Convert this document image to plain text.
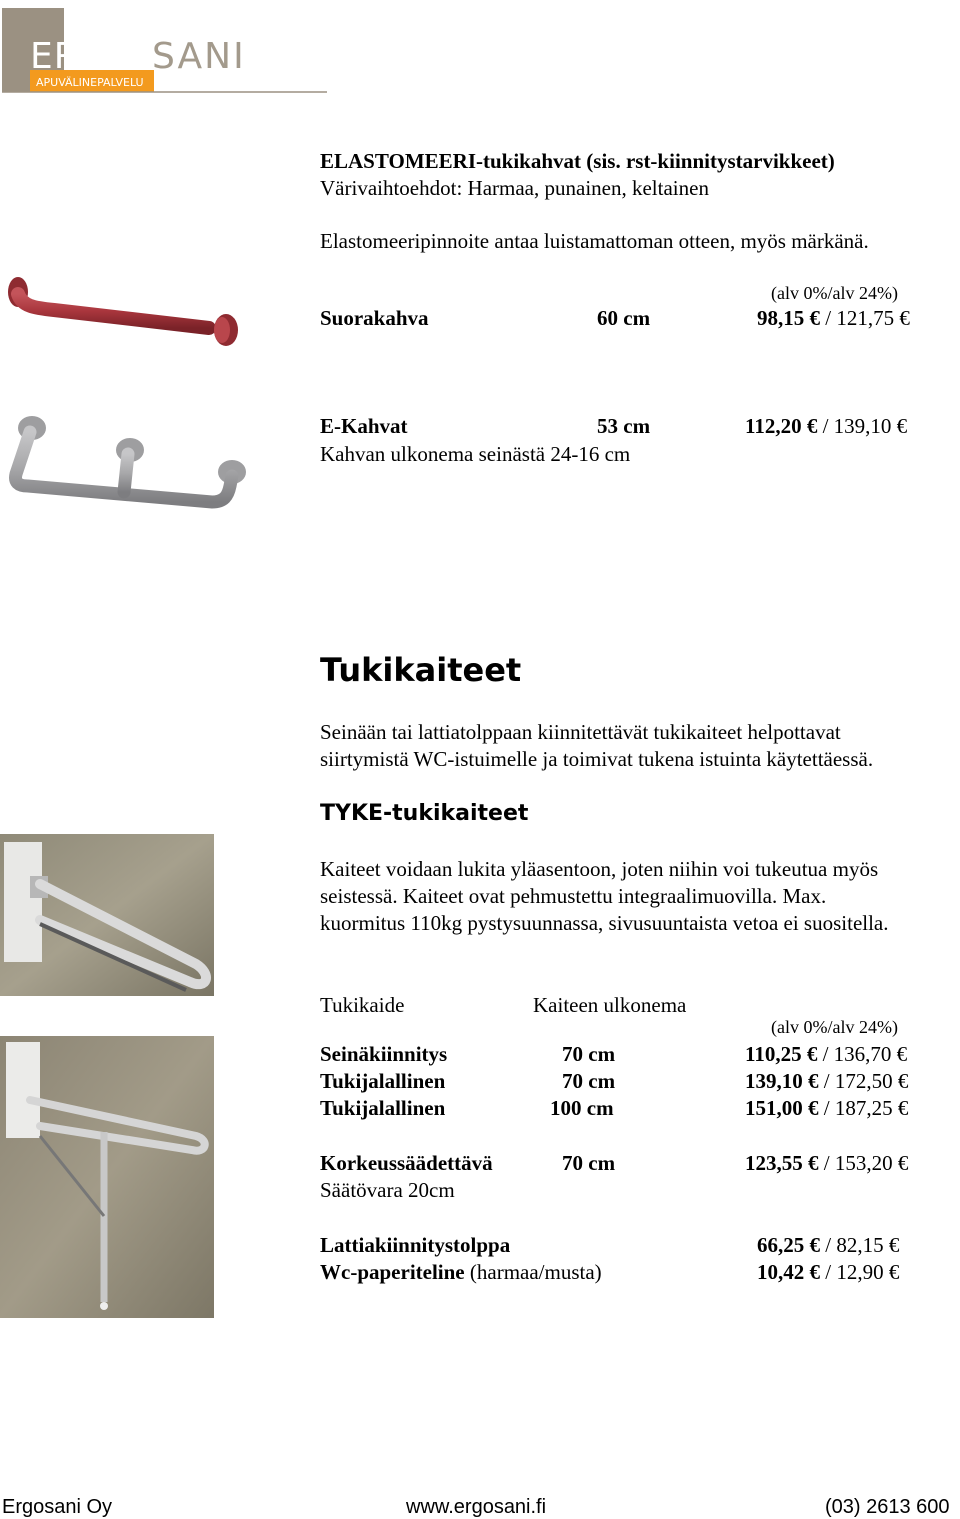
ERGO SANI
APUVÄLINEPALVELU
ELASTOMEERI-tukikahvat (sis. rst-kiinnitystarvikkeet)
Värivaihtoehdot: Harmaa, punainen, keltainen
Elastomeeripinnoite antaa luistamattoman otteen, myös märkänä.
(alv 0%/alv 24%)
Suorakahva	60 cm	98,15 € / 121,75 €
E-Kahvat	53 cm	112,20 € / 139,10 €
Kahvan ulkonema seinästä 24-16 cm
Tukikaiteet
Seinään tai lattiatolppaan kiinnitettävät tukikaiteet helpottavat
siirtymistä WC-istuimelle ja toimivat tukena istuinta käytettäessä.
TYKE-tukikaiteet
Kaiteet voidaan lukita yläasentoon, joten niihin voi tukeutua myös
seistessä. Kaiteet ovat pehmustettu integraalimuovilla. Max.
kuormitus 110kg pystysuunnassa, sivusuuntaista vetoa ei suositella.
Tukikaide	Kaiteen ulkonema
(alv 0%/alv 24%)
Seinäkiinnitys	70 cm	110,25 € / 136,70 €
Tukijalallinen	70 cm	139,10 € / 172,50 €
Tukijalallinen	100 cm	151,00 € / 187,25 €
Korkeussäädettävä	70 cm	123,55 € / 153,20 €
Säätövara 20cm
Lattiakiinnitystolppa	66,25 € / 82,15 €
Wc-paperiteline (harmaa/musta)	10,42 € / 12,90 €
Ergosani Oy	www.ergosani.fi	(03) 2613 600
